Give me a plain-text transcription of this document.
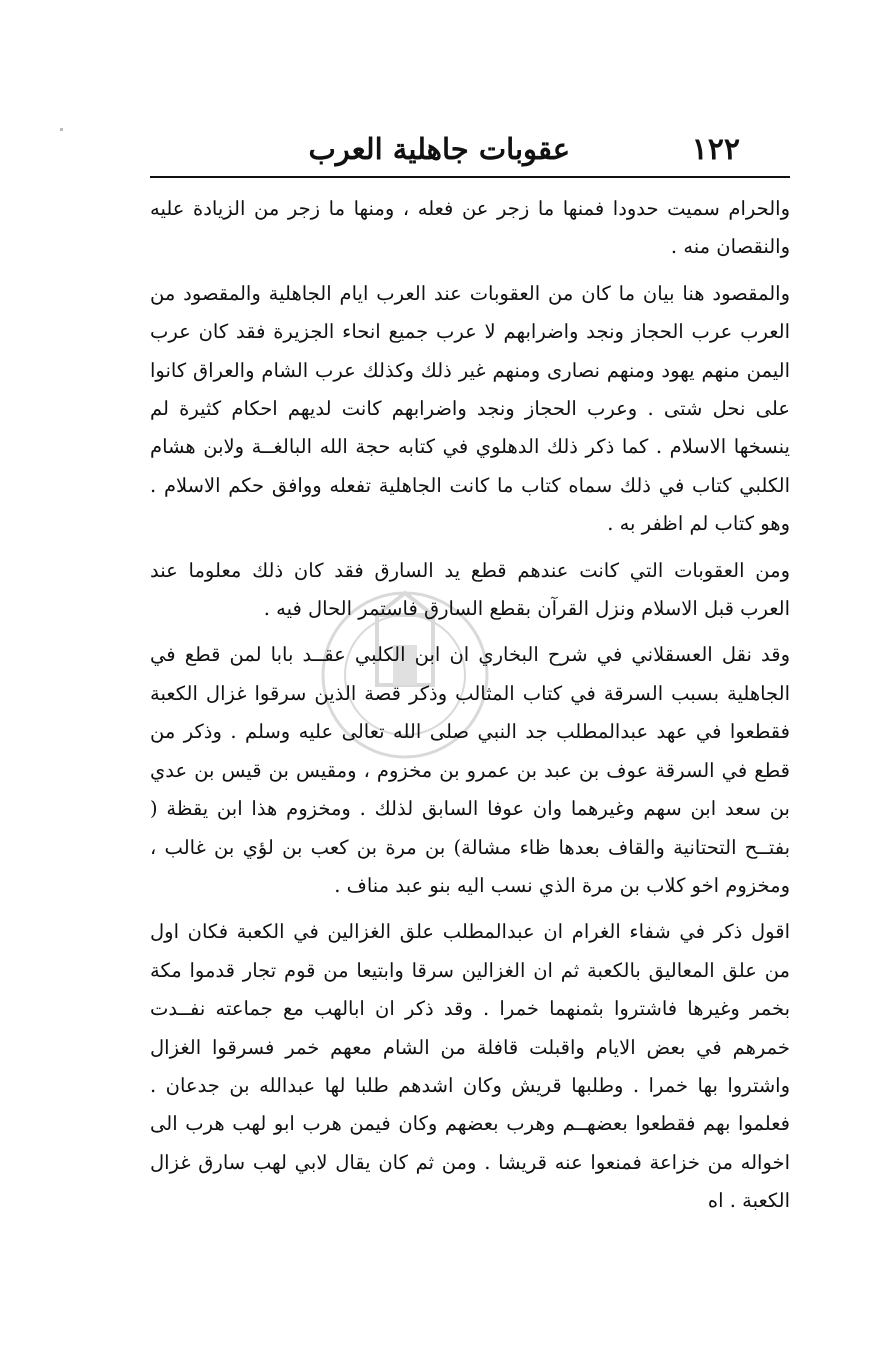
١٢٢
عقوبات جاهلية العرب

والحرام سميت حدودا فمنها ما زجر عن فعله ، ومنها ما زجر من الزيادة عليه والنقصان منه .

والمقصود هنا بيان ما كان من العقوبات عند العرب ايام الجاهلية والمقصود من العرب عرب الحجاز ونجد واضرابهم لا عرب جميع انحاء الجزيرة فقد كان عرب اليمن منهم يهود ومنهم نصارى ومنهم غير ذلك وكذلك عرب الشام والعراق كانوا على نحل شتى . وعرب الحجاز ونجد واضرابهم كانت لديهم احكام كثيرة لم ينسخها الاسلام . كما ذكر ذلك الدهلوي في كتابه حجة الله البالغــة ولابن هشام الكلبي كتاب في ذلك سماه كتاب ما كانت الجاهلية تفعله ووافق حكم الاسلام . وهو كتاب لم اظفر به .

ومن العقوبات التي كانت عندهم قطع يد السارق فقد كان ذلك معلوما عند العرب قبل الاسلام ونزل القرآن بقطع السارق فاستمر الحال فيه .

وقد نقل العسقلاني في شرح البخاري ان ابن الكلبي عقــد بابا لمن قطع في الجاهلية بسبب السرقة في كتاب المثالب وذكر قصة الذين سرقوا غزال الكعبة فقطعوا في عهد عبدالمطلب جد النبي صلى الله تعالى عليه وسلم . وذكر من قطع في السرقة عوف بن عبد بن عمرو بن مخزوم ، ومقيس بن قيس بن عدي بن سعد ابن سهم وغيرهما وان عوفا السابق لذلك . ومخزوم هذا ابن يقظة ( بفتــح التحتانية والقاف بعدها ظاء مشالة) بن مرة بن كعب بن لؤي بن غالب ، ومخزوم اخو كلاب بن مرة الذي نسب اليه بنو عبد مناف .

اقول ذكر في شفاء الغرام ان عبدالمطلب علق الغزالين في الكعبة فكان اول من علق المعاليق بالكعبة ثم ان الغزالين سرقا وابتيعا من قوم تجار قدموا مكة بخمر وغيرها فاشتروا بثمنهما خمرا . وقد ذكر ان ابالهب مع جماعته نفــدت خمرهم في بعض الايام واقبلت قافلة من الشام معهم خمر فسرقوا الغزال واشتروا بها خمرا . وطلبها قريش وكان اشدهم طلبا لها عبدالله بن جدعان . فعلموا بهم فقطعوا بعضهــم وهرب بعضهم وكان فيمن هرب ابو لهب هرب الى اخواله من خزاعة فمنعوا عنه قريشا . ومن ثم كان يقال لابي لهب سارق غزال الكعبة . اه
